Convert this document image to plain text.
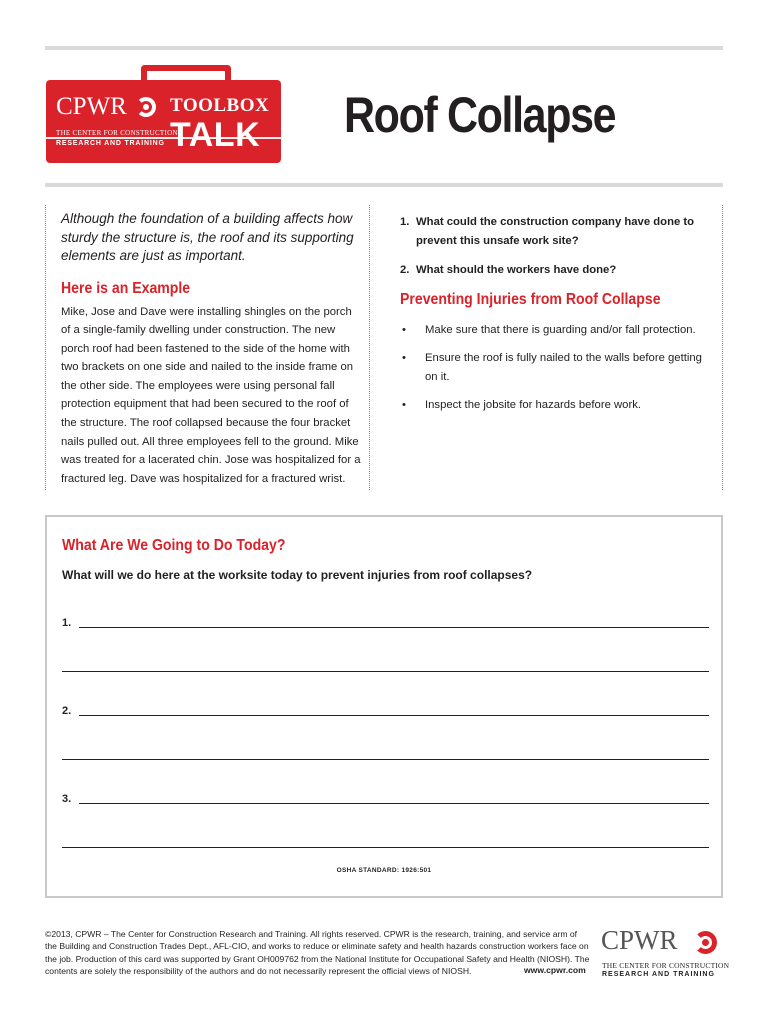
CPWR
THE CENTER FOR CONSTRUCTION
RESEARCH AND TRAINING
TOOLBOX
TALK Roof Collapse

Although the foundation of a building affects how sturdy the structure is, the roof and its supporting elements are just as important.

Here is an Example

Mike, Jose and Dave were installing shingles on the porch of a single-family dwelling under construction. The new porch roof had been fastened to the side of the home with two brackets on one side and nailed to the inside frame on the other side. The employees were using personal fall protection equipment that had been secured to the roof of the structure. The roof collapsed because the four bracket nails pulled out. All three employees fell to the ground. Mike was treated for a lacerated chin. Jose was hospitalized for a fractured leg. Dave was hospitalized for a fractured wrist.

1. What could the construction company have done to prevent this unsafe work site?
2. What should the workers have done?
Preventing Injuries from Roof Collapse
• Make sure that there is guarding and/or fall protection.
• Ensure the roof is fully nailed to the walls before getting on it.
• Inspect the jobsite for hazards before work.
What Are We Going to Do Today?

What will we do here at the worksite today to prevent injuries from roof collapses?

1.
2.
3.
OSHA STANDARD: 1926:501

©2013, CPWR – The Center for Construction Research and Training. All rights reserved. CPWR is the research, training, and service arm of the Building and Construction Trades Dept., AFL-CIO, and works to reduce or eliminate safety and health hazards construction workers face on the job. Production of this card was supported by Grant OH009762 from the National Institute for Occupational Safety and Health (NIOSH). The contents are solely the responsibility of the authors and do not necessarily represent the official views of NIOSH.	www.cpwr.com
CPWR
THE CENTER FOR CONSTRUCTION
RESEARCH AND TRAINING
